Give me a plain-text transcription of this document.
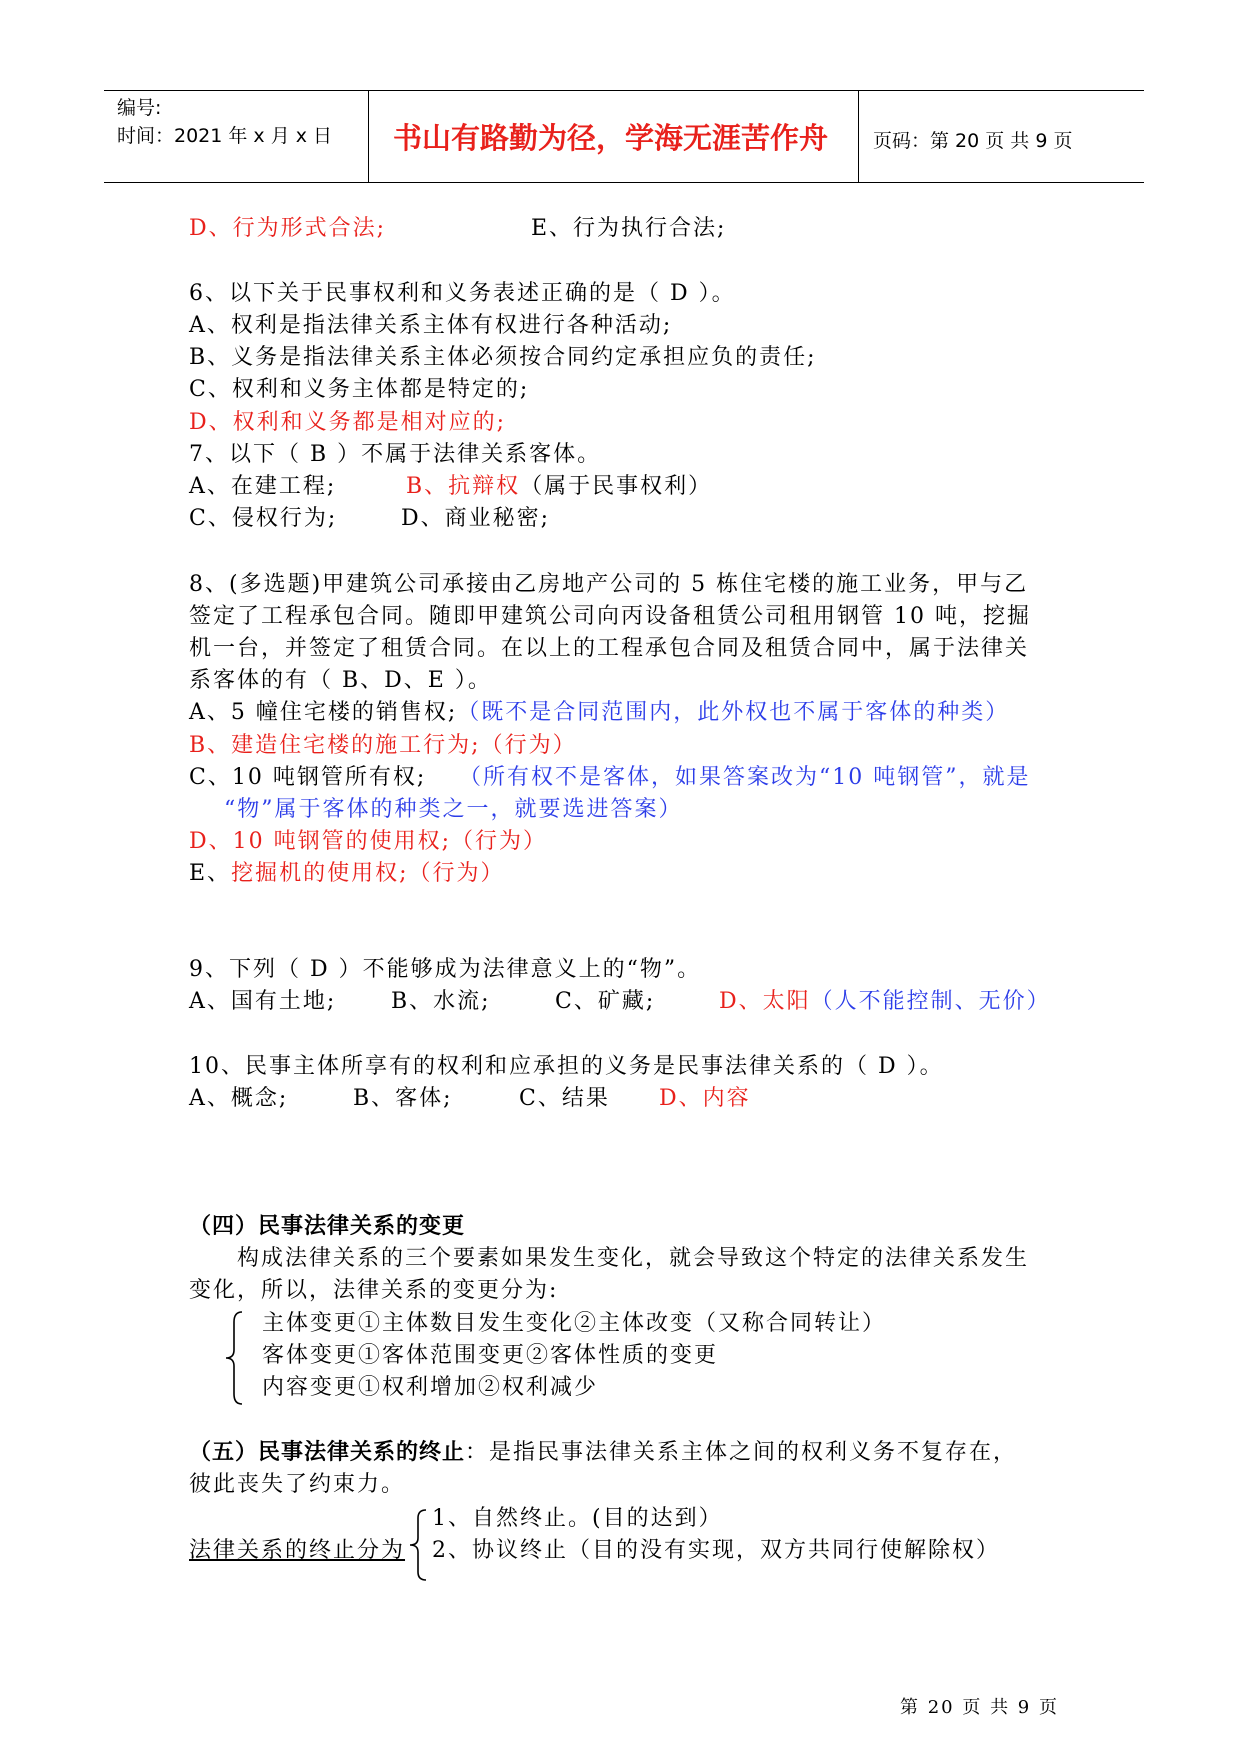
编号:
时间：2021 年 x 月 x 日 书山有路勤为径，学海无涯苦作舟 页码：第 20 页 共 9 页
D、行为形式合法;	E、行为执行合法;
6、以下关于民事权利和义务表述正确的是（ D ）。
A、权利是指法律关系主体有权进行各种活动;
B、义务是指法律关系主体必须按合同约定承担应负的责任;
C、权利和义务主体都是特定的;
D、权利和义务都是相对应的;
7、以下（ B ）不属于法律关系客体。
A、在建工程;	B、抗辩权（属于民事权利）
C、侵权行为;	D、商业秘密;
8、(多选题)甲建筑公司承接由乙房地产公司的 5 栋住宅楼的施工业务，甲与乙
签定了工程承包合同。随即甲建筑公司向丙设备租赁公司租用钢管 10 吨，挖掘
机一台，并签定了租赁合同。在以上的工程承包合同及租赁合同中，属于法律关
系客体的有（ B、D、E ）。
A、5 幢住宅楼的销售权;（既不是合同范围内，此外权也不属于客体的种类）
B、建造住宅楼的施工行为;（行为）
C、10 吨钢管所有权; （所有权不是客体，如果答案改为“10 吨钢管”，就是
“物”属于客体的种类之一，就要选进答案）
D、10 吨钢管的使用权;（行为）
E、挖掘机的使用权;（行为）
9、下列（ D ）不能够成为法律意义上的“物”。
A、国有土地; B、水流;	C、矿藏;	D、太阳（人不能控制、无价）
10、民事主体所享有的权利和应承担的义务是民事法律关系的（ D ）。
A、概念;	B、客体;	C、结果 D、内容
（四）民事法律关系的变更
构成法律关系的三个要素如果发生变化，就会导致这个特定的法律关系发生
变化，所以，法律关系的变更分为:
主体变更①主体数目发生变化②主体改变（又称合同转让）
客体变更①客体范围变更②客体性质的变更
内容变更①权利增加②权利减少
（五）民事法律关系的终止：是指民事法律关系主体之间的权利义务不复存在，
彼此丧失了约束力。
1、自然终止。(目的达到）
法律关系的终止分为 2、协议终止（目的没有实现，双方共同行使解除权）
第 20 页 共 9 页
